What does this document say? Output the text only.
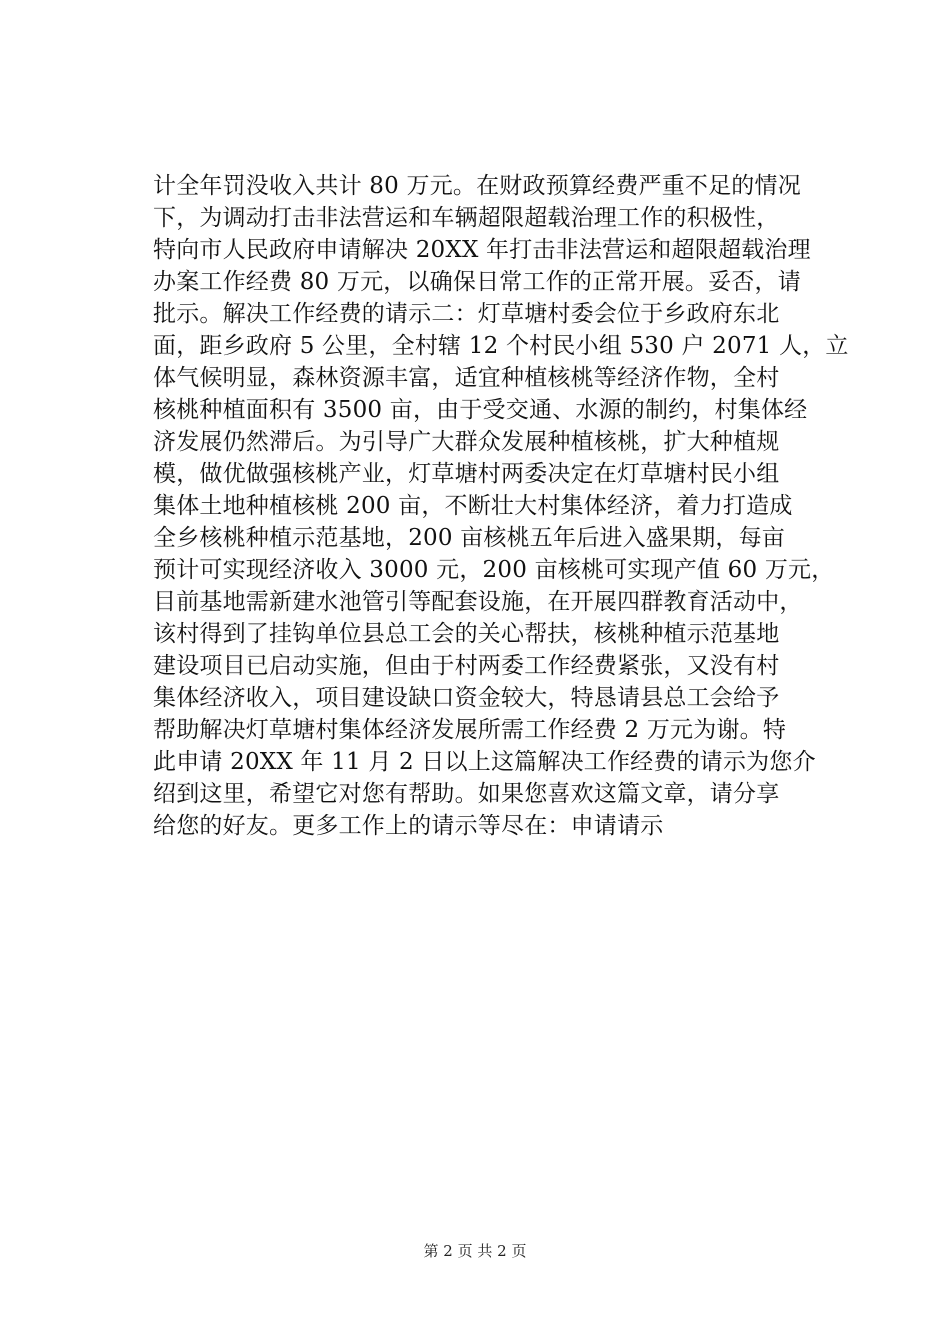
计全年罚没收入共计 80 万元。在财政预算经费严重不足的情况
下，为调动打击非法营运和车辆超限超载治理工作的积极性，
特向市人民政府申请解决 20XX 年打击非法营运和超限超载治理
办案工作经费 80 万元，以确保日常工作的正常开展。妥否，请
批示。解决工作经费的请示二：灯草塘村委会位于乡政府东北
面，距乡政府 5 公里，全村辖 12 个村民小组 530 户 2071 人，立
体气候明显，森林资源丰富，适宜种植核桃等经济作物，全村
核桃种植面积有 3500 亩，由于受交通、水源的制约，村集体经
济发展仍然滞后。为引导广大群众发展种植核桃，扩大种植规
模，做优做强核桃产业，灯草塘村两委决定在灯草塘村民小组
集体土地种植核桃 200 亩，不断壮大村集体经济，着力打造成
全乡核桃种植示范基地，200 亩核桃五年后进入盛果期，每亩
预计可实现经济收入 3000 元，200 亩核桃可实现产值 60 万元，
目前基地需新建水池管引等配套设施，在开展四群教育活动中，
该村得到了挂钩单位县总工会的关心帮扶，核桃种植示范基地
建设项目已启动实施，但由于村两委工作经费紧张，又没有村
集体经济收入，项目建设缺口资金较大，特恳请县总工会给予
帮助解决灯草塘村集体经济发展所需工作经费 2 万元为谢。特
此申请 20XX 年 11 月 2 日以上这篇解决工作经费的请示为您介
绍到这里，希望它对您有帮助。如果您喜欢这篇文章，请分享
给您的好友。更多工作上的请示等尽在：申请请示
第 2 页 共 2 页
